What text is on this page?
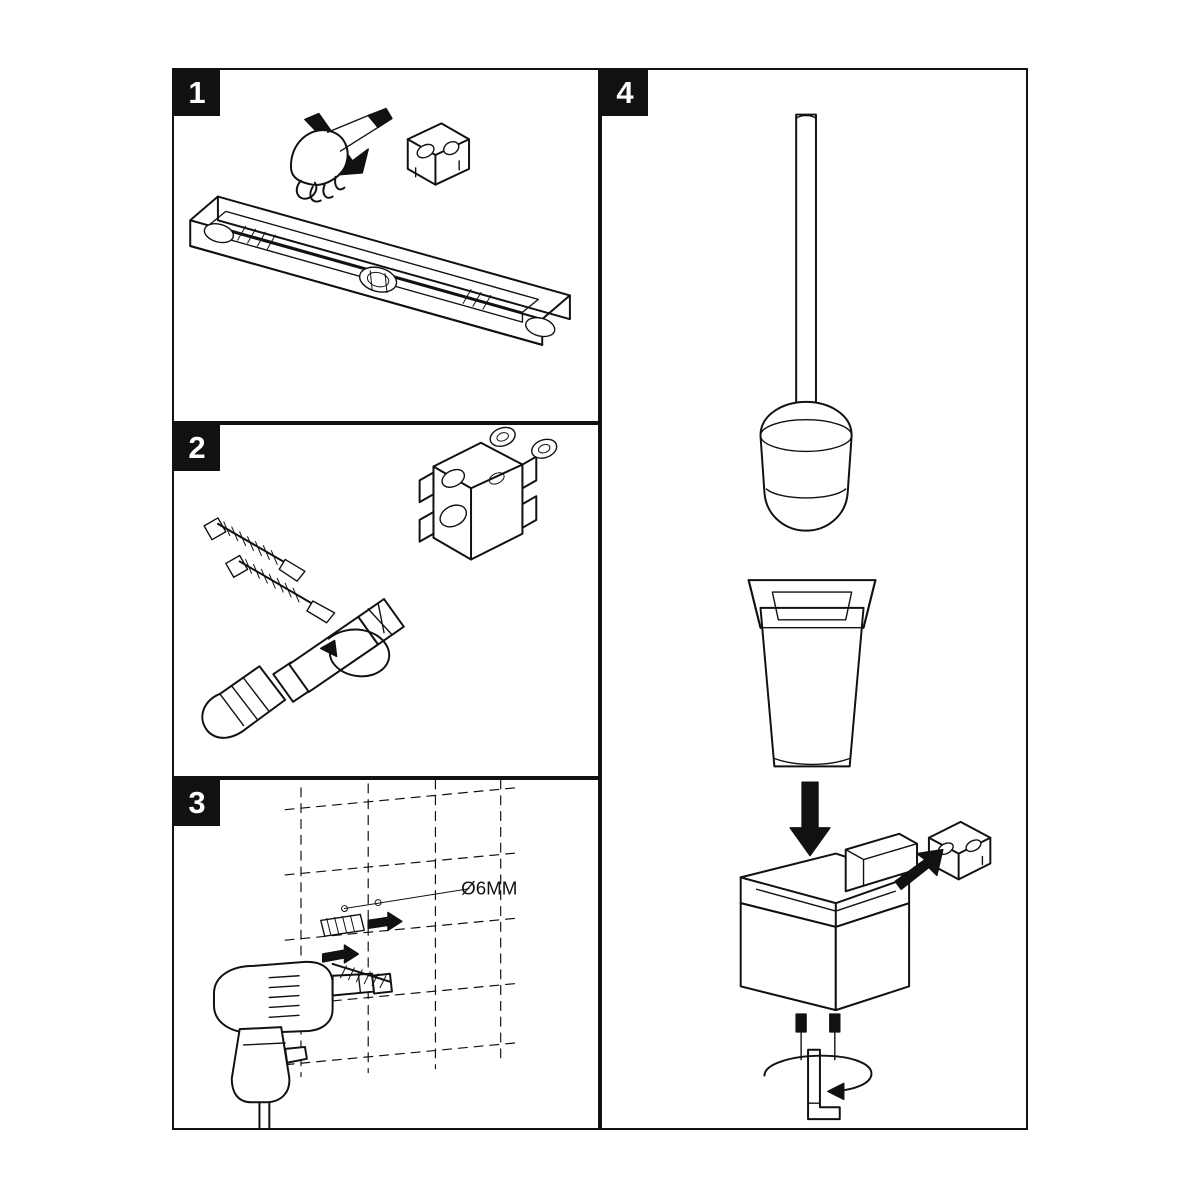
1
2
3
Ø6MM
4
